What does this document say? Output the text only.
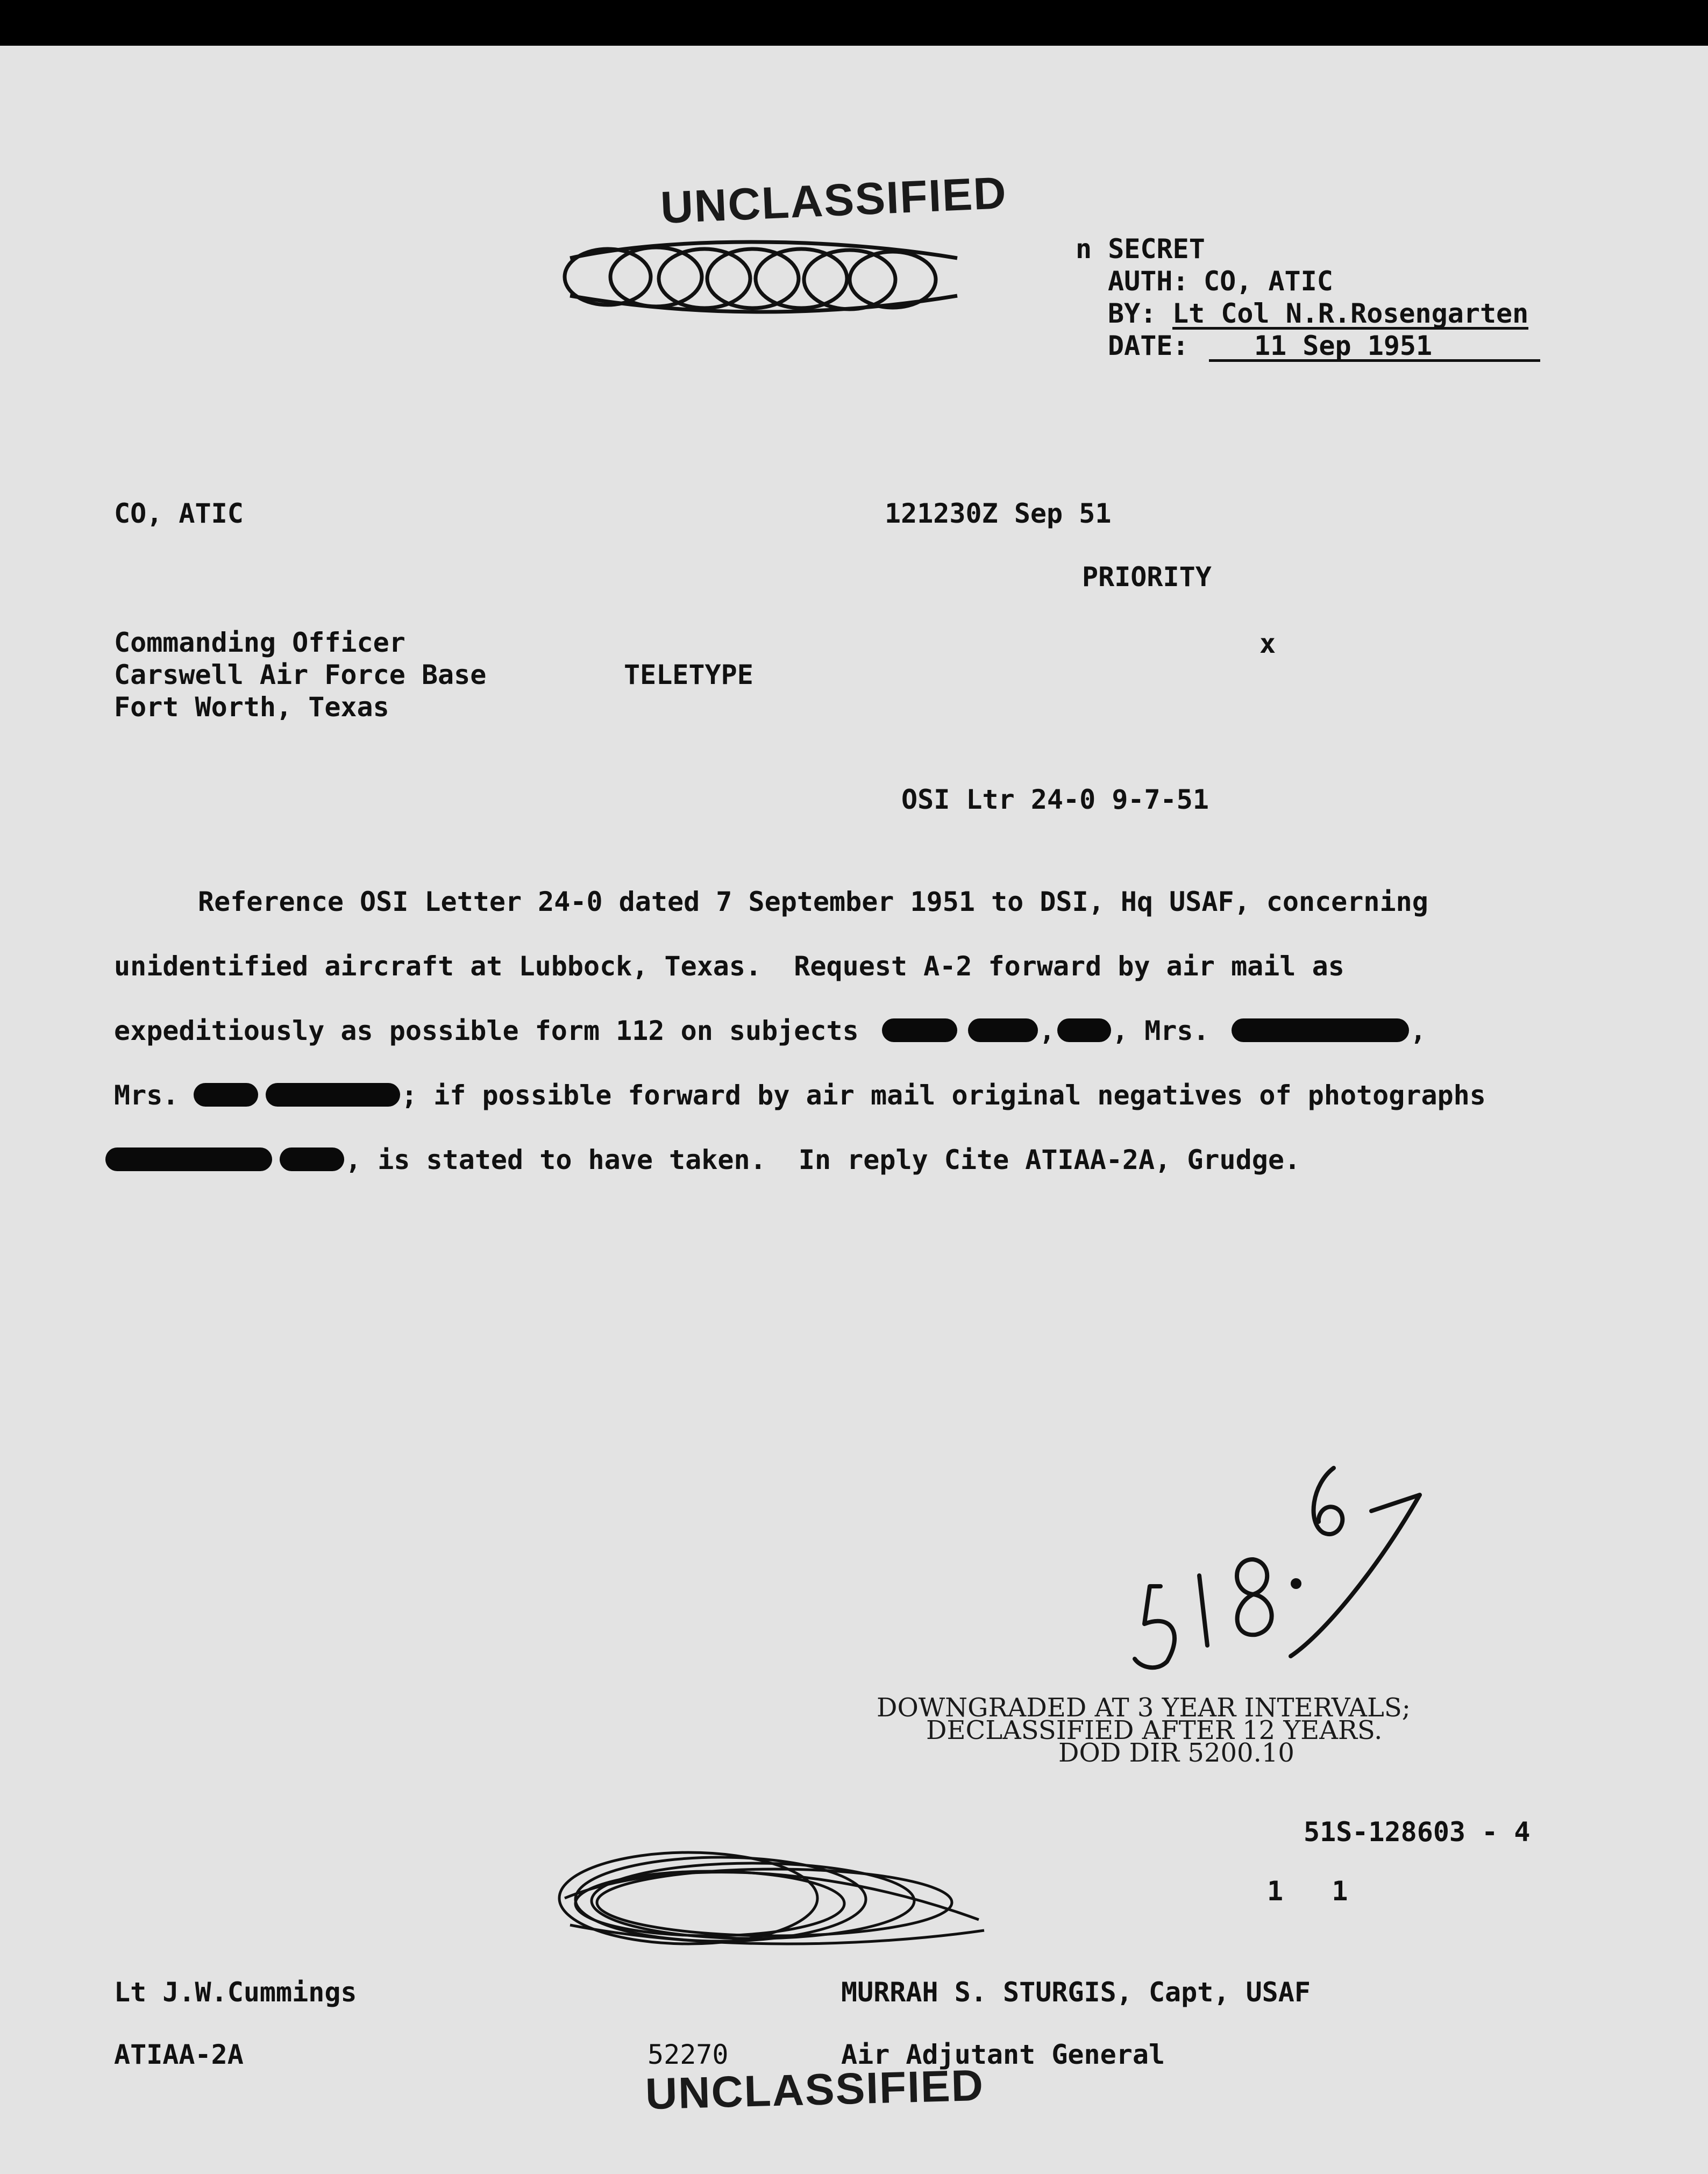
UNCLASSIFIED
n SECRET
AUTH: CO, ATIC
BY: Lt Col N.R.Rosengarten
DATE:	11 Sep 1951
CO, ATIC	121230Z Sep 51
PRIORITY
x
Commanding Officer
Carswell Air Force Base
Fort Worth, Texas
TELETYPE
OSI Ltr 24-0 9-7-51
Reference OSI Letter 24-0 dated 7 September 1951 to DSI, Hq USAF, concerning
unidentified aircraft at Lubbock, Texas.  Request A-2 forward by air mail as
expeditiously as possible form 112 on subjects	, , Mrs.	,
Mrs.	; if possible forward by air mail original negatives of photographs
, is stated to have taken.  In reply Cite ATIAA-2A, Grudge.
518.6
DOWNGRADED AT 3 YEAR INTERVALS;
DECLASSIFIED AFTER 12 YEARS.
DOD DIR 5200.10
51S-128603 - 4
1   1
Lt J.W.Cummings
ATIAA-2A	52270
MURRAH S. STURGIS, Capt, USAF
Air Adjutant General
UNCLASSIFIED
